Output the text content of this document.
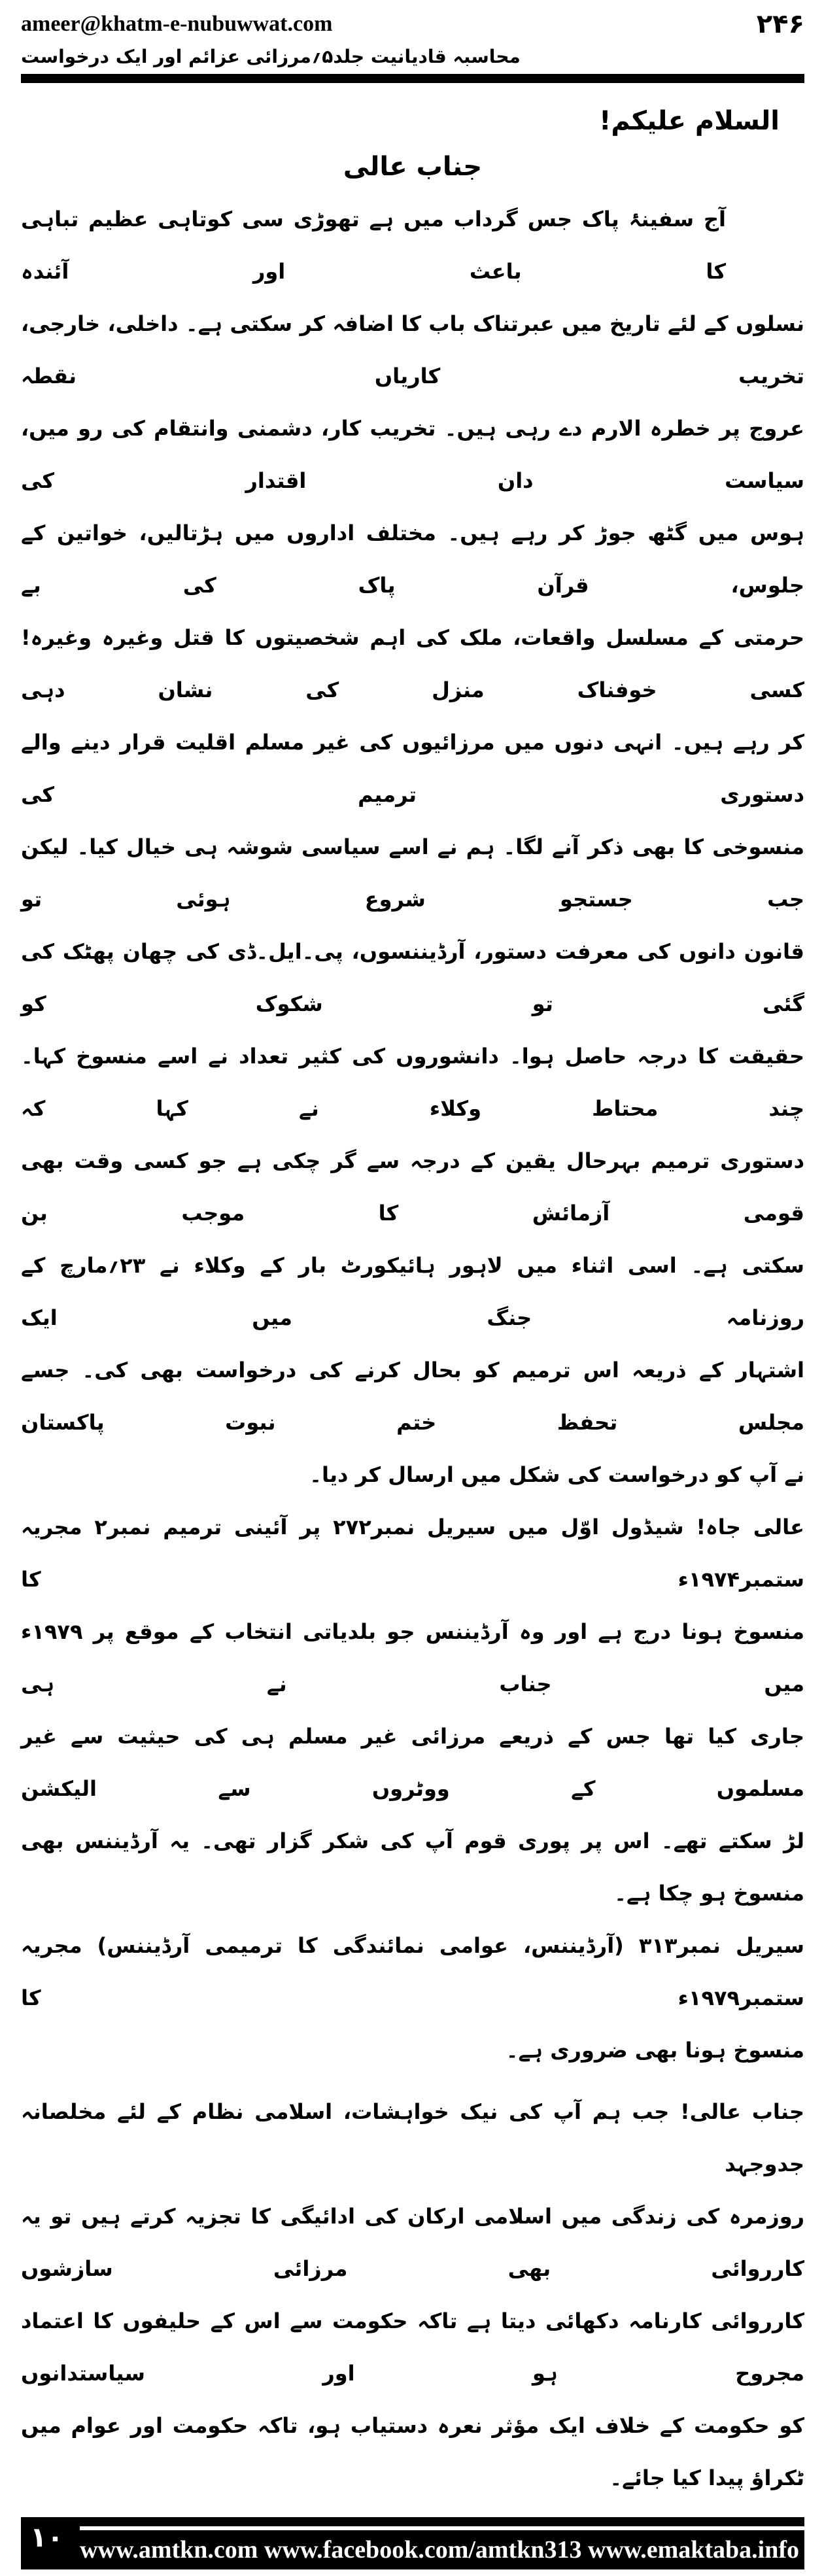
ameer@khatm-e-nubuwwat.com	۲۴۶
محاسبہ قادیانیت جلد۵؍مرزائی عزائم اور ایک درخواست
السلام علیکم!
جناب عالی
آج سفینۂ پاک جس گرداب میں ہے تھوڑی سی کوتاہی عظیم تباہی کا باعث اور آئندہ
نسلوں کے لئے تاریخ میں عبرتناک باب کا اضافہ کر سکتی ہے۔ داخلی، خارجی، تخریب کاریاں نقطہ
عروج پر خطرہ الارم دے رہی ہیں۔ تخریب کار، دشمنی وانتقام کی رو میں، سیاست دان اقتدار کی
ہوس میں گٹھ جوڑ کر رہے ہیں۔ مختلف اداروں میں ہڑتالیں، خواتین کے جلوس، قرآن پاک کی بے
حرمتی کے مسلسل واقعات، ملک کی اہم شخصیتوں کا قتل وغیرہ وغیرہ! کسی خوفناک منزل کی نشان دہی
کر رہے ہیں۔ انہی دنوں میں مرزائیوں کی غیر مسلم اقلیت قرار دینے والے دستوری ترمیم کی
منسوخی کا بھی ذکر آنے لگا۔ ہم نے اسے سیاسی شوشہ ہی خیال کیا۔ لیکن جب جستجو شروع ہوئی تو
قانون دانوں کی معرفت دستور، آرڈیننسوں، پی۔ایل۔ڈی کی چھان پھٹک کی گئی تو شکوک کو
حقیقت کا درجہ حاصل ہوا۔ دانشوروں کی کثیر تعداد نے اسے منسوخ کہا۔ چند محتاط وکلاء نے کہا کہ
دستوری ترمیم بہرحال یقین کے درجہ سے گر چکی ہے جو کسی وقت بھی قومی آزمائش کا موجب بن
سکتی ہے۔ اسی اثناء میں لاہور ہائیکورٹ بار کے وکلاء نے ۲۳؍مارچ کے روزنامہ جنگ میں ایک
اشتہار کے ذریعہ اس ترمیم کو بحال کرنے کی درخواست بھی کی۔ جسے مجلس تحفظ ختم نبوت پاکستان
نے آپ کو درخواست کی شکل میں ارسال کر دیا۔
عالی جاہ! شیڈول اوّل میں سیریل نمبر۲۷۲ پر آئینی ترمیم نمبر۲ مجریہ ستمبر۱۹۷۴ء کا
منسوخ ہونا درج ہے اور وہ آرڈیننس جو بلدیاتی انتخاب کے موقع پر ۱۹۷۹ء میں جناب نے ہی
جاری کیا تھا جس کے ذریعے مرزائی غیر مسلم ہی کی حیثیت سے غیر مسلموں کے ووٹروں سے الیکشن
لڑ سکتے تھے۔ اس پر پوری قوم آپ کی شکر گزار تھی۔ یہ آرڈیننس بھی منسوخ ہو چکا ہے۔
سیریل نمبر۳۱۳ (آرڈیننس، عوامی نمائندگی کا ترمیمی آرڈیننس) مجریہ ستمبر۱۹۷۹ء کا
منسوخ ہونا بھی ضروری ہے۔
جناب عالی! جب ہم آپ کی نیک خواہشات، اسلامی نظام کے لئے مخلصانہ جدوجہد
روزمرہ کی زندگی میں اسلامی ارکان کی ادائیگی کا تجزیہ کرتے ہیں تو یہ کارروائی بھی مرزائی سازشوں
کارروائی کارنامہ دکھائی دیتا ہے تاکہ حکومت سے اس کے حلیفوں کا اعتماد مجروح ہو اور سیاستدانوں
کو حکومت کے خلاف ایک مؤثر نعرہ دستیاب ہو، تاکہ حکومت اور عوام میں ٹکراؤ پیدا کیا جائے۔
۱۰ www.amtkn.com www.facebook.com/amtkn313 www.emaktaba.info
